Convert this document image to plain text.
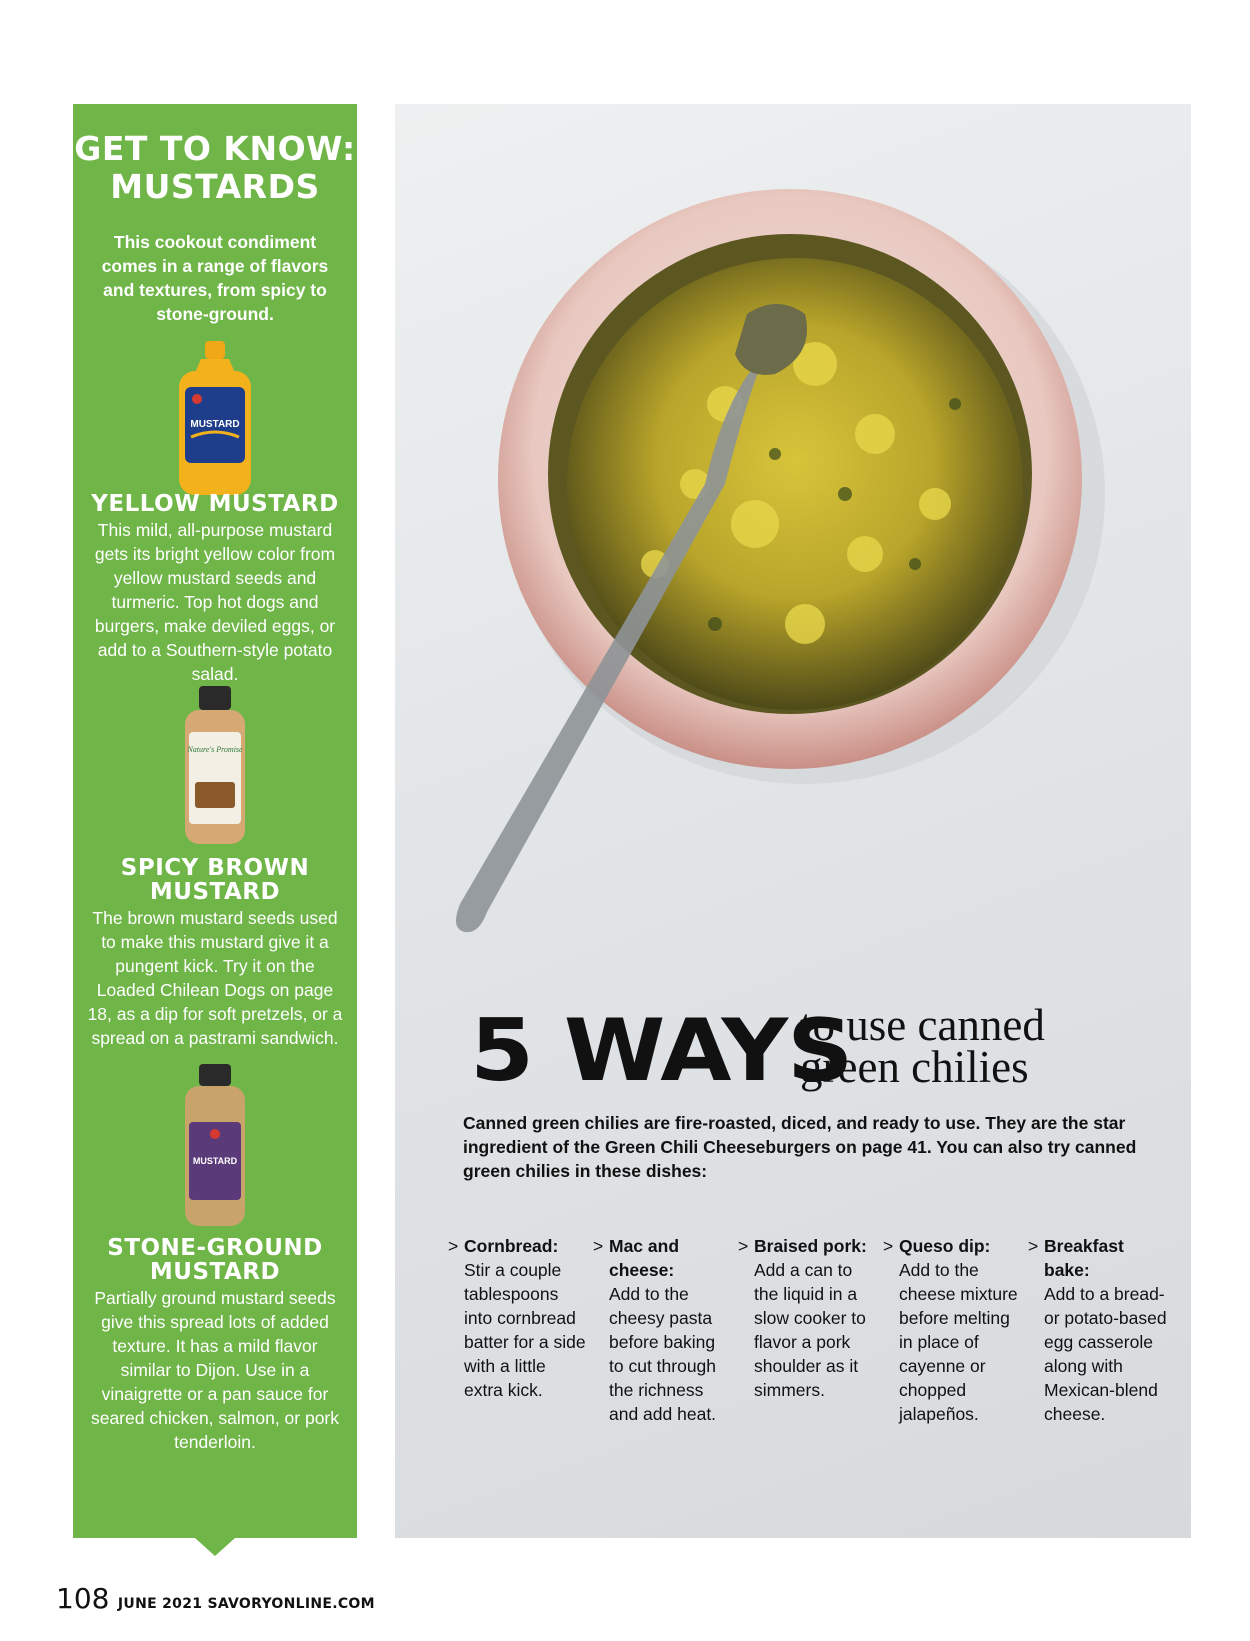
GET TO KNOW:
MUSTARDS
This cookout condiment comes in a range of flavors and textures, from spicy to stone-ground.
MUSTARD
YELLOW MUSTARD
This mild, all-purpose mustard gets its bright yellow color from yellow mustard seeds and turmeric. Top hot dogs and burgers, make deviled eggs, or add to a Southern-style potato salad.
Nature's Promise
SPICY BROWN
MUSTARD
The brown mustard seeds used to make this mustard give it a pungent kick. Try it on the Loaded Chilean Dogs on page 18, as a dip for soft pretzels, or a spread on a pastrami sandwich.
MUSTARD
STONE-GROUND
MUSTARD
Partially ground mustard seeds give this spread lots of added texture. It has a mild flavor similar to Dijon. Use in a vinaigrette or a pan sauce for seared chicken, salmon, or pork tenderloin.
5 WAYS
to use canned
green chilies
Canned green chilies are fire-roasted, diced, and ready to use. They are the star ingredient of the Green Chili Cheeseburgers on page 41. You can also try canned green chilies in these dishes:
> Cornbread:
Stir a couple tablespoons into cornbread batter for a side with a little extra kick.
> Mac and cheese:
Add to the cheesy pasta before baking to cut through the richness and add heat.
> Braised pork:
Add a can to the liquid in a slow cooker to flavor a pork shoulder as it simmers.
> Queso dip:
Add to the cheese mixture before melting in place of cayenne or chopped jalapeños.
> Breakfast bake:
Add to a bread- or potato-based egg casserole along with Mexican-blend cheese.
108 JUNE 2021 SAVORYONLINE.COM
